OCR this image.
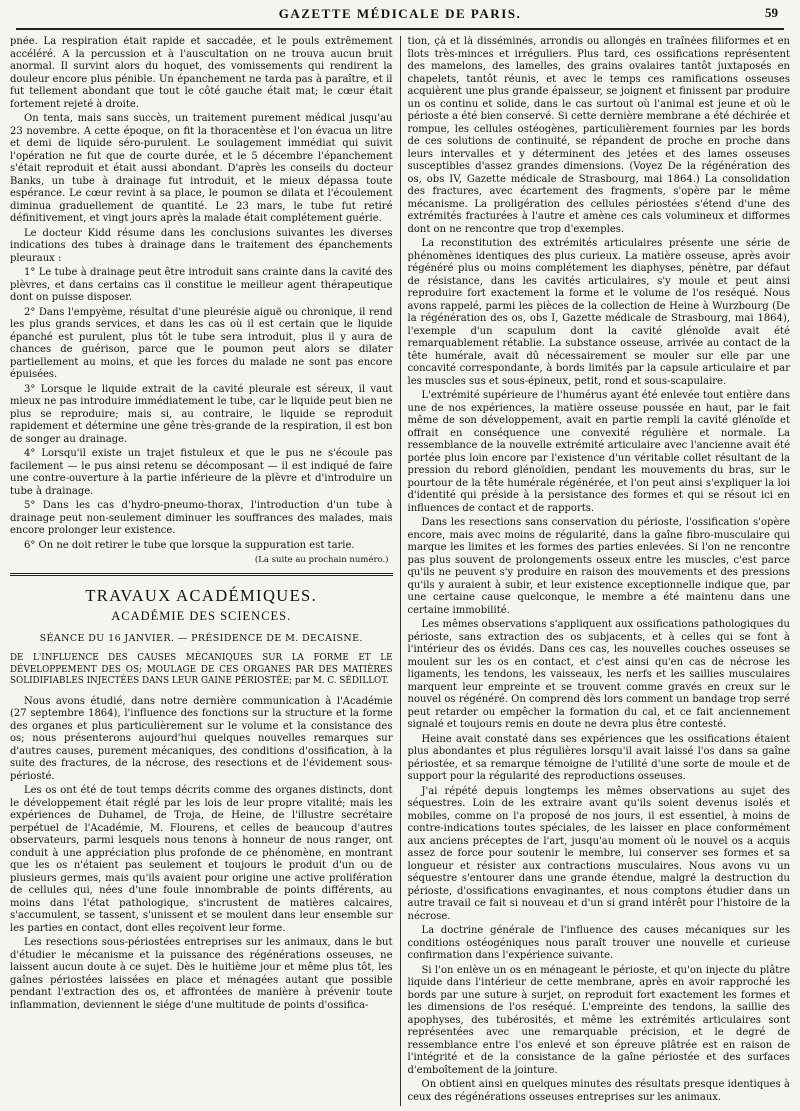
GAZETTE MÉDICALE DE PARIS.	59

pnée. La respiration était rapide et saccadée, et le pouls extrêmement accéléré. A la percussion et à l'auscultation on ne trouva aucun bruit anormal. Il survint alors du hoquet, des vomissements qui rendirent la douleur encore plus pénible. Un épanchement ne tarda pas à paraître, et il fut tellement abondant que tout le côté gauche était mat; le cœur était fortement rejeté à droite.

On tenta, mais sans succès, un traitement purement médical jusqu'au 23 novembre. A cette époque, on fit la thoracentèse et l'on évacua un litre et demi de liquide séro-purulent. Le soulagement immédiat qui suivit l'opération ne fut que de courte durée, et le 5 décembre l'épanchement s'était reproduit et était aussi abondant. D'après les conseils du docteur Banks, un tube à drainage fut introduit, et le mieux dépassa toute espérance. Le cœur revint à sa place, le poumon se dilata et l'écoulement diminua graduellement de quantité. Le 23 mars, le tube fut retiré définitivement, et vingt jours après la malade était complétement guérie.

Le docteur Kidd résume dans les conclusions suivantes les diverses indications des tubes à drainage dans le traitement des épanchements pleuraux :

1° Le tube à drainage peut être introduit sans crainte dans la cavité des plèvres, et dans certains cas il constitue le meilleur agent thérapeutique dont on puisse disposer.

2° Dans l'empyème, résultat d'une pleurésie aiguë ou chronique, il rend les plus grands services, et dans les cas où il est certain que le liquide épanché est purulent, plus tôt le tube sera introduit, plus il y aura de chances de guérison, parce que le poumon peut alors se dilater partiellement au moins, et que les forces du malade ne sont pas encore épuisées.

3° Lorsque le liquide extrait de la cavité pleurale est séreux, il vaut mieux ne pas introduire immédiatement le tube, car le liquide peut bien ne plus se reproduire; mais si, au contraire, le liquide se reproduit rapidement et détermine une gêne très-grande de la respiration, il est bon de songer au drainage.

4° Lorsqu'il existe un trajet fistuleux et que le pus ne s'écoule pas facilement — le pus ainsi retenu se décomposant — il est indiqué de faire une contre-ouverture à la partie inférieure de la plèvre et d'introduire un tube à drainage.

5° Dans les cas d'hydro-pneumo-thorax, l'introduction d'un tube à drainage peut non-seulement diminuer les souffrances des malades, mais encore prolonger leur existence.

6° On ne doit retirer le tube que lorsque la suppuration est tarie.

(La suite au prochain numéro.)
TRAVAUX ACADÉMIQUES.
ACADÉMIE DES SCIENCES.
SÉANCE DU 16 JANVIER. — PRÉSIDENCE DE M. DECAISNE.

DE L'INFLUENCE DES CAUSES MÉCANIQUES SUR LA FORME ET LE DÉVELOPPEMENT DES OS; MOULAGE DE CES ORGANES PAR DES MATIÈRES SOLIDIFIABLES INJECTÉES DANS LEUR GAINE PÉRIOSTÉE; par M. C. SÉDILLOT.

Nous avons étudié, dans notre dernière communication à l'Académie (27 septembre 1864), l'influence des fonctions sur la structure et la forme des organes et plus particulièrement sur le volume et la consistance des os; nous présenterons aujourd'hui quelques nouvelles remarques sur d'autres causes, purement mécaniques, des conditions d'ossification, à la suite des fractures, de la nécrose, des resections et de l'évidement sous-périosté.

Les os ont été de tout temps décrits comme des organes distincts, dont le développement était réglé par les lois de leur propre vitalité; mais les expériences de Duhamel, de Troja, de Heine, de l'illustre secrétaire perpétuel de l'Académie, M. Flourens, et celles de beaucoup d'autres observateurs, parmi lesquels nous tenons à honneur de nous ranger, ont conduit à une appréciation plus profonde de ce phénomène, en montrant que les os n'étaient pas seulement et toujours le produit d'un ou de plusieurs germes, mais qu'ils avaient pour origine une active prolifération de cellules qui, nées d'une foule innombrable de points différents, au moins dans l'état pathologique, s'incrustent de matières calcaires, s'accumulent, se tassent, s'unissent et se moulent dans leur ensemble sur les parties en contact, dont elles reçoivent leur forme.

Les resections sous-périostées entreprises sur les animaux, dans le but d'étudier le mécanisme et la puissance des régénérations osseuses, ne laissent aucun doute à ce sujet. Dès le huitième jour et même plus tôt, les gaînes périostées laissées en place et ménagées autant que possible pendant l'extraction des os, et affrontées de manière à prévenir toute inflammation, deviennent le siége d'une multitude de points d'ossifica-

tion, çà et là disséminés, arrondis ou allongés en traînées filiformes et en îlots très-minces et irréguliers. Plus tard, ces ossifications représentent des mamelons, des lamelles, des grains ovalaires tantôt juxtaposés en chapelets, tantôt réunis, et avec le temps ces ramifications osseuses acquièrent une plus grande épaisseur, se joignent et finissent par produire un os continu et solide, dans le cas surtout où l'animal est jeune et où le périoste a été bien conservé. Si cette dernière membrane a été déchirée et rompue, les cellules ostéogènes, particulièrement fournies par les bords de ces solutions de continuité, se répandent de proche en proche dans leurs intervalles et y déterminent des jetées et des lames osseuses susceptibles d'assez grandes dimensions. (Voyez De la régénération des os, obs IV, Gazette médicale de Strasbourg, mai 1864.) La consolidation des fractures, avec écartement des fragments, s'opère par le même mécanisme. La proligération des cellules périostées s'étend d'une des extrémités fracturées à l'autre et amène ces cals volumineux et difformes dont on ne rencontre que trop d'exemples.

La reconstitution des extrémités articulaires présente une série de phénomènes identiques des plus curieux. La matière osseuse, après avoir régénéré plus ou moins complétement les diaphyses, pénètre, par défaut de résistance, dans les cavités articulaires, s'y moule et peut ainsi reproduire fort exactement la forme et le volume de l'os reséqué. Nous avons rappelé, parmi les pièces de la collection de Heine à Wurzbourg (De la régénération des os, obs I, Gazette médicale de Strasbourg, mai 1864), l'exemple d'un scapulum dont la cavité glénoïde avait été remarquablement rétablie. La substance osseuse, arrivée au contact de la tête humérale, avait dû nécessairement se mouler sur elle par une concavité correspondante, à bords limités par la capsule articulaire et par les muscles sus et sous-épineux, petit, rond et sous-scapulaire.

L'extrémité supérieure de l'humérus ayant été enlevée tout entière dans une de nos expériences, la matière osseuse poussée en haut, par le fait même de son développement, avait en partie rempli la cavité glénoïde et offrait en conséquence une convexité régulière et normale. La ressemblance de la nouvelle extrémité articulaire avec l'ancienne avait été portée plus loin encore par l'existence d'un véritable collet résultant de la pression du rebord glénoïdien, pendant les mouvements du bras, sur le pourtour de la tête humérale régénérée, et l'on peut ainsi s'expliquer la loi d'identité qui préside à la persistance des formes et qui se résout ici en influences de contact et de rapports.

Dans les resections sans conservation du périoste, l'ossification s'opère encore, mais avec moins de régularité, dans la gaîne fibro-musculaire qui marque les limites et les formes des parties enlevées. Si l'on ne rencontre pas plus souvent de prolongements osseux entre les muscles, c'est parce qu'ils ne peuvent s'y produire en raison des mouvements et des pressions qu'ils y auraient à subir, et leur existence exceptionnelle indique que, par une certaine cause quelconque, le membre a été maintenu dans une certaine immobilité.

Les mêmes observations s'appliquent aux ossifications pathologiques du périoste, sans extraction des os subjacents, et à celles qui se font à l'intérieur des os évidés. Dans ces cas, les nouvelles couches osseuses se moulent sur les os en contact, et c'est ainsi qu'en cas de nécrose les ligaments, les tendons, les vaisseaux, les nerfs et les saillies musculaires marquent leur empreinte et se trouvent comme gravés en creux sur le nouvel os régénéré. On comprend dès lors comment un bandage trop serré peut retarder ou empêcher la formation du cal, et ce fait anciennement signalé et toujours remis en doute ne devra plus être contesté.

Heine avait constaté dans ses expériences que les ossifications étaient plus abondantes et plus régulières lorsqu'il avait laissé l'os dans sa gaîne périostée, et sa remarque témoigne de l'utilité d'une sorte de moule et de support pour la régularité des reproductions osseuses.

J'ai répété depuis longtemps les mêmes observations au sujet des séquestres. Loin de les extraire avant qu'ils soient devenus isolés et mobiles, comme on l'a proposé de nos jours, il est essentiel, à moins de contre-indications toutes spéciales, de les laisser en place conformément aux anciens préceptes de l'art, jusqu'au moment où le nouvel os a acquis assez de force pour soutenir le membre, lui conserver ses formes et sa longueur et résister aux contractions musculaires. Nous avons vu un séquestre s'entourer dans une grande étendue, malgré la destruction du périoste, d'ossifications envaginantes, et nous comptons étudier dans un autre travail ce fait si nouveau et d'un si grand intérêt pour l'histoire de la nécrose.

La doctrine générale de l'influence des causes mécaniques sur les conditions ostéogéniques nous paraît trouver une nouvelle et curieuse confirmation dans l'expérience suivante.

Si l'on enlève un os en ménageant le périoste, et qu'on injecte du plâtre liquide dans l'intérieur de cette membrane, après en avoir rapproché les bords par une suture à surjet, on reproduit fort exactement les formes et les dimensions de l'os reséqué. L'empreinte des tendons, la saillie des apophyses, des tubérosités, et même les extrémités articulaires sont représentées avec une remarquable précision, et le degré de ressemblance entre l'os enlevé et son épreuve plâtrée est en raison de l'intégrité et de la consistance de la gaîne périostée et des surfaces d'emboîtement de la jointure.

On obtient ainsi en quelques minutes des résultats presque identiques à ceux des régénérations osseuses entreprises sur les animaux.
